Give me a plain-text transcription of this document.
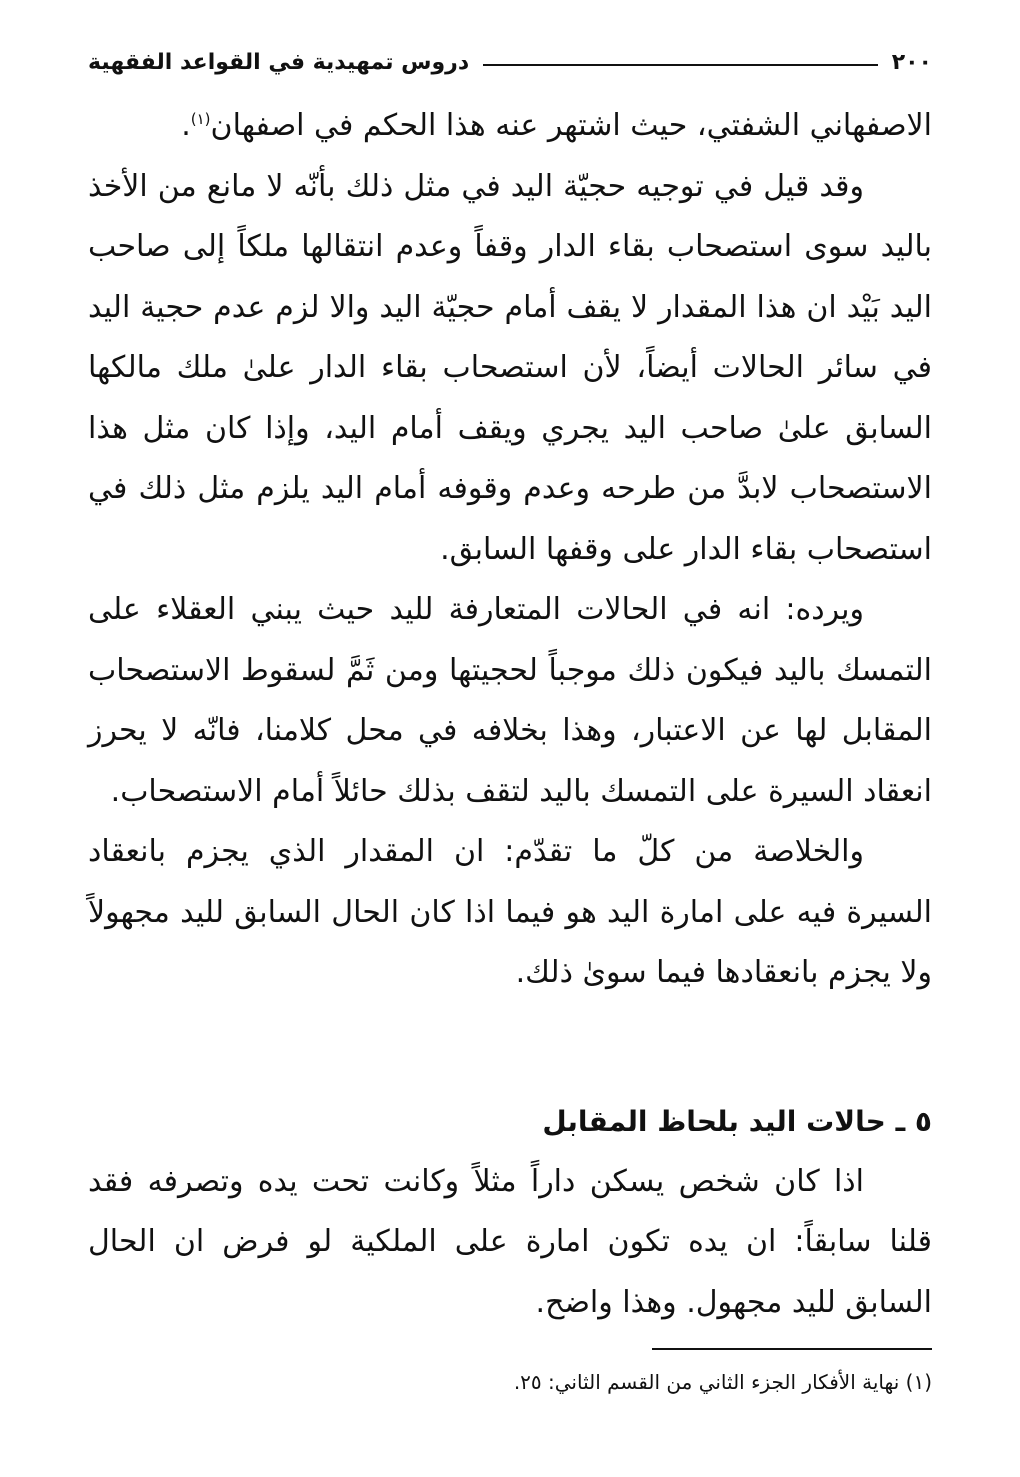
٢٠٠
دروس تمهيدية في القواعد الفقهية

الاصفهاني الشفتي، حيث اشتهر عنه هذا الحكم في اصفهان$^{(١)}$.

وقد قيل في توجيه حجيّة اليد في مثل ذلك بأنّه لا مانع من الأخذ باليد سوى استصحاب بقاء الدار وقفاً وعدم انتقالها ملكاً إلى صاحب اليد بَيْد ان هذا المقدار لا يقف أمام حجيّة اليد والا لزم عدم حجية اليد في سائر الحالات أيضاً، لأن استصحاب بقاء الدار علىٰ ملك مالكها السابق علىٰ صاحب اليد يجري ويقف أمام اليد، وإذا كان مثل هذا الاستصحاب لابدَّ من طرحه وعدم وقوفه أمام اليد يلزم مثل ذلك في استصحاب بقاء الدار على وقفها السابق.

ويرده: انه في الحالات المتعارفة لليد حيث يبني العقلاء على التمسك باليد فيكون ذلك موجباً لحجيتها ومن ثَمَّ لسقوط الاستصحاب المقابل لها عن الاعتبار، وهذا بخلافه في محل كلامنا، فانّه لا يحرز انعقاد السيرة على التمسك باليد لتقف بذلك حائلاً أمام الاستصحاب.

والخلاصة من كلّ ما تقدّم: ان المقدار الذي يجزم بانعقاد السيرة فيه على امارة اليد هو فيما اذا كان الحال السابق لليد مجهولاً ولا يجزم بانعقادها فيما سوىٰ ذلك.

٥ ـ حالات اليد بلحاظ المقابل

اذا كان شخص يسكن داراً مثلاً وكانت تحت يده وتصرفه فقد قلنا سابقاً: ان يده تكون امارة على الملكية لو فرض ان الحال السابق لليد مجهول. وهذا واضح.

(١) نهاية الأفكار الجزء الثاني من القسم الثاني: ٢٥.
